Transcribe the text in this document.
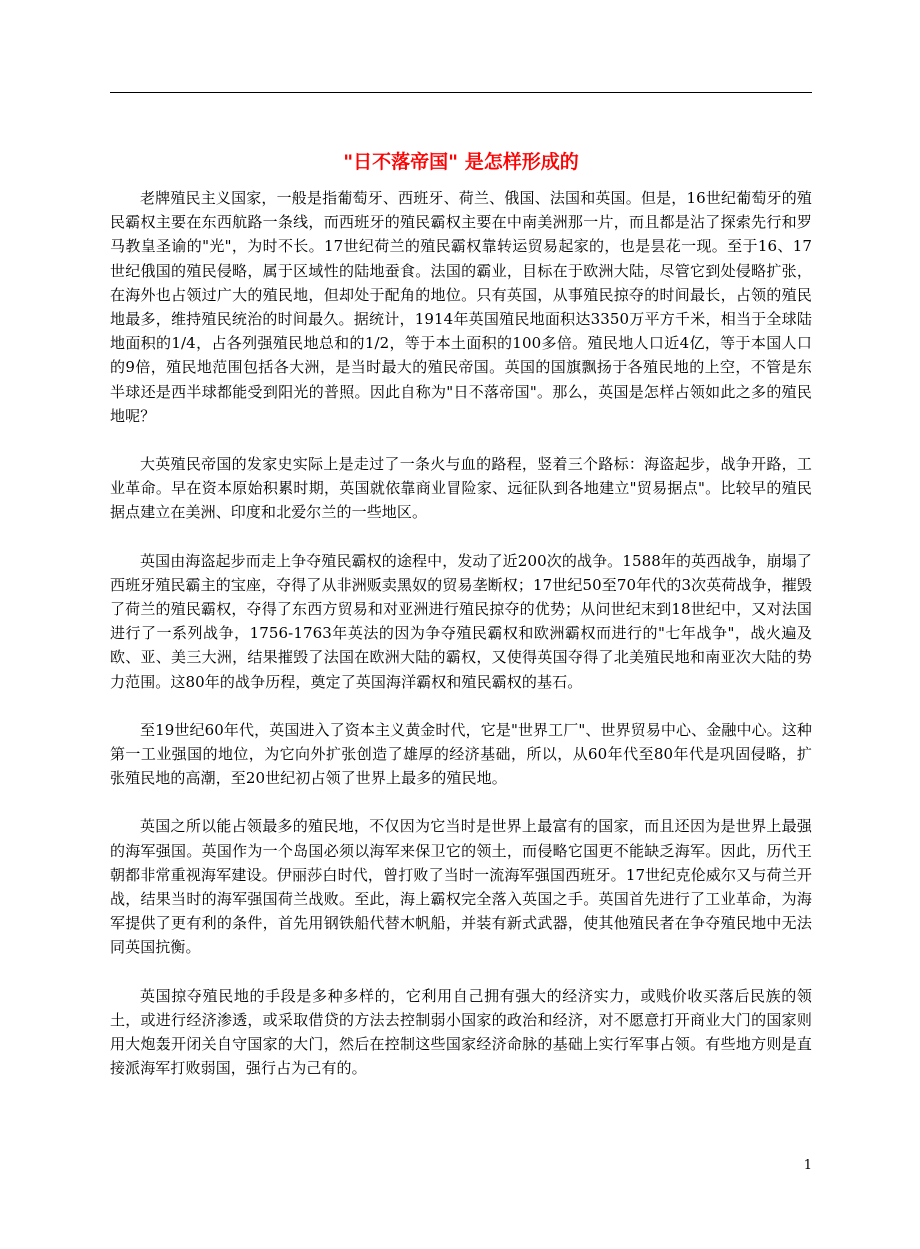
"日不落帝国" 是怎样形成的

老牌殖民主义国家，一般是指葡萄牙、西班牙、荷兰、俄国、法国和英国。但是，16世纪葡萄牙的殖民霸权主要在东西航路一条线，而西班牙的殖民霸权主要在中南美洲那一片，而且都是沾了探索先行和罗马教皇圣谕的"光"，为时不长。17世纪荷兰的殖民霸权靠转运贸易起家的，也是昙花一现。至于16、17世纪俄国的殖民侵略，属于区域性的陆地蚕食。法国的霸业，目标在于欧洲大陆，尽管它到处侵略扩张，在海外也占领过广大的殖民地，但却处于配角的地位。只有英国，从事殖民掠夺的时间最长，占领的殖民地最多，维持殖民统治的时间最久。据统计，1914年英国殖民地面积达3350万平方千米，相当于全球陆地面积的1/4，占各列强殖民地总和的1/2，等于本土面积的100多倍。殖民地人口近4亿，等于本国人口的9倍，殖民地范围包括各大洲，是当时最大的殖民帝国。英国的国旗飘扬于各殖民地的上空，不管是东半球还是西半球都能受到阳光的普照。因此自称为"日不落帝国"。那么，英国是怎样占领如此之多的殖民地呢？

大英殖民帝国的发家史实际上是走过了一条火与血的路程，竖着三个路标：海盗起步，战争开路，工业革命。早在资本原始积累时期，英国就依靠商业冒险家、远征队到各地建立"贸易据点"。比较早的殖民据点建立在美洲、印度和北爱尔兰的一些地区。

英国由海盗起步而走上争夺殖民霸权的途程中，发动了近200次的战争。1588年的英西战争，崩塌了西班牙殖民霸主的宝座，夺得了从非洲贩卖黑奴的贸易垄断权；17世纪50至70年代的3次英荷战争，摧毁了荷兰的殖民霸权，夺得了东西方贸易和对亚洲进行殖民掠夺的优势；从问世纪末到18世纪中，又对法国进行了一系列战争，1756-1763年英法的因为争夺殖民霸权和欧洲霸权而进行的"七年战争"，战火遍及欧、亚、美三大洲，结果摧毁了法国在欧洲大陆的霸权，又使得英国夺得了北美殖民地和南亚次大陆的势力范围。这80年的战争历程，奠定了英国海洋霸权和殖民霸权的基石。

至19世纪60年代，英国进入了资本主义黄金时代，它是"世界工厂"、世界贸易中心、金融中心。这种第一工业强国的地位，为它向外扩张创造了雄厚的经济基础，所以，从60年代至80年代是巩固侵略，扩张殖民地的高潮，至20世纪初占领了世界上最多的殖民地。

英国之所以能占领最多的殖民地，不仅因为它当时是世界上最富有的国家，而且还因为是世界上最强的海军强国。英国作为一个岛国必须以海军来保卫它的领土，而侵略它国更不能缺乏海军。因此，历代王朝都非常重视海军建设。伊丽莎白时代，曾打败了当时一流海军强国西班牙。17世纪克伦威尔又与荷兰开战，结果当时的海军强国荷兰战败。至此，海上霸权完全落入英国之手。英国首先进行了工业革命，为海军提供了更有利的条件，首先用钢铁船代替木帆船，并装有新式武器，使其他殖民者在争夺殖民地中无法同英国抗衡。

英国掠夺殖民地的手段是多种多样的，它利用自己拥有强大的经济实力，或贱价收买落后民族的领土，或进行经济渗透，或采取借贷的方法去控制弱小国家的政治和经济，对不愿意打开商业大门的国家则用大炮轰开闭关自守国家的大门，然后在控制这些国家经济命脉的基础上实行军事占领。有些地方则是直接派海军打败弱国，强行占为己有的。

1
